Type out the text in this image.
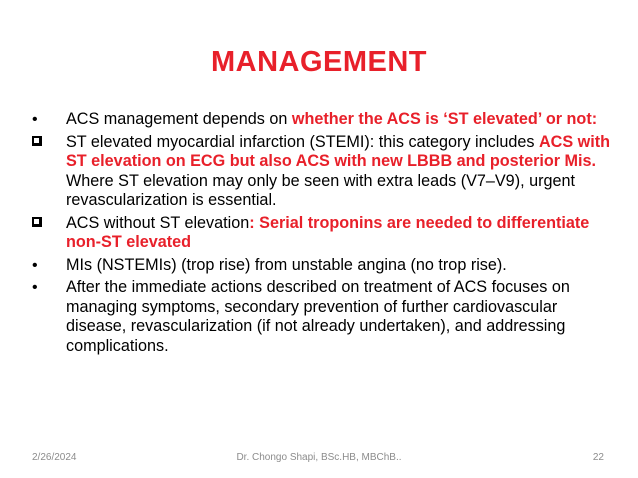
MANAGEMENT
•	ACS management depends on whether the ACS is ‘ST elevated’ or not:
ST elevated myocardial infarction (STEMI): this category includes ACS with ST elevation on ECG but also ACS with new LBBB and posterior Mis. Where ST elevation may only be seen with extra leads (V7–V9), urgent revascularization is essential.
ACS without ST elevation: Serial troponins are needed to differentiate non-ST elevated
•	MIs (NSTEMIs) (trop rise) from unstable angina (no trop rise).
•	After the immediate actions described on treatment of ACS focuses on managing symptoms, secondary prevention of further cardiovascular disease, revascularization (if not already undertaken), and addressing complications.
2/26/2024	Dr. Chongo Shapi, BSc.HB, MBChB..	22
